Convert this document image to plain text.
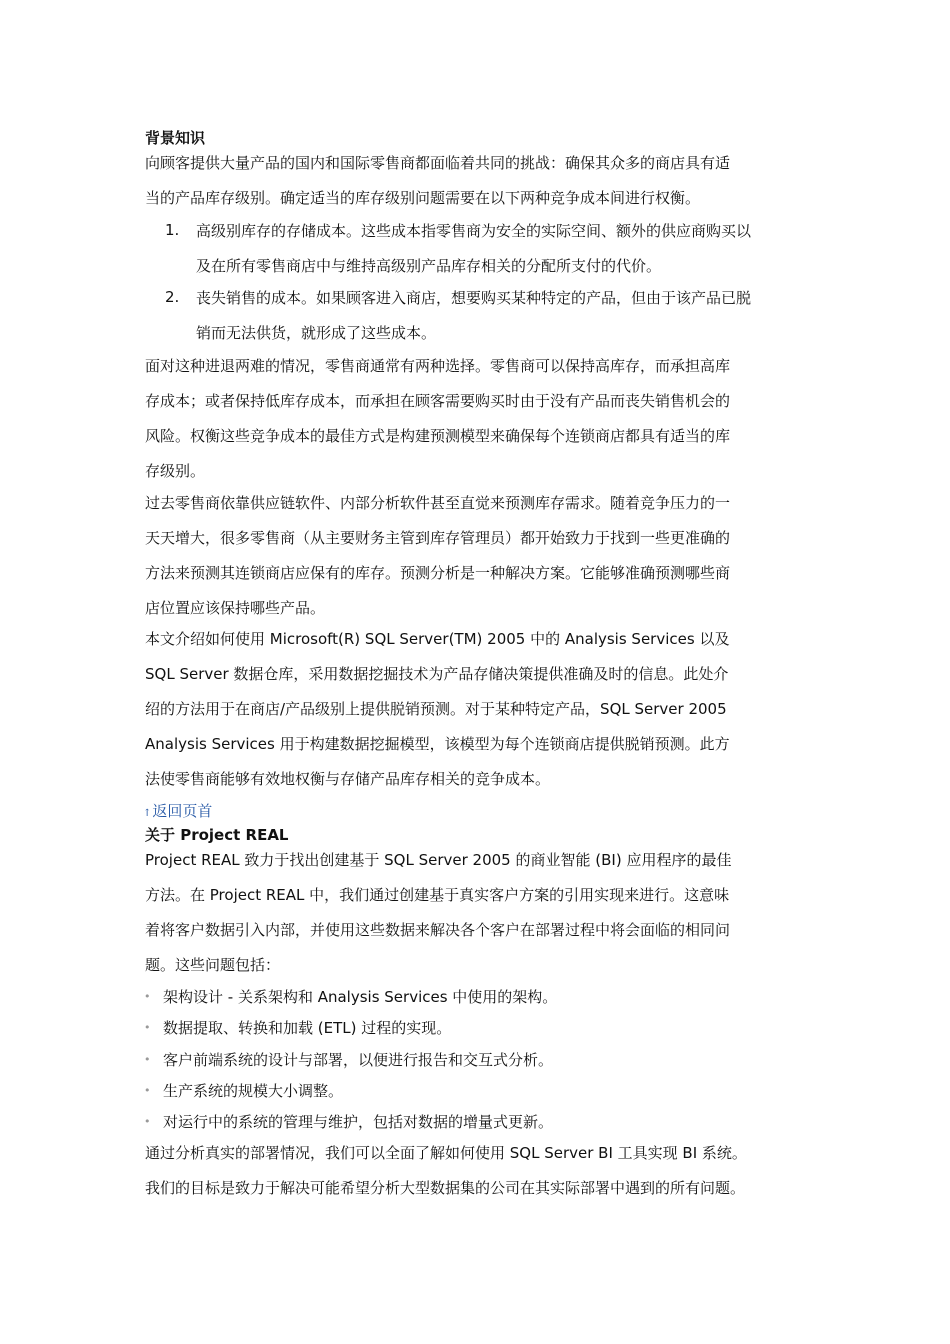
背景知识
向顾客提供大量产品的国内和国际零售商都面临着共同的挑战：确保其众多的商店具有适
当的产品库存级别。确定适当的库存级别问题需要在以下两种竞争成本间进行权衡。
1. 高级别库存的存储成本。这些成本指零售商为安全的实际空间、额外的供应商购买以
及在所有零售商店中与维持高级别产品库存相关的分配所支付的代价。
2. 丧失销售的成本。如果顾客进入商店，想要购买某种特定的产品，但由于该产品已脱
销而无法供货，就形成了这些成本。
面对这种进退两难的情况，零售商通常有两种选择。零售商可以保持高库存，而承担高库
存成本；或者保持低库存成本，而承担在顾客需要购买时由于没有产品而丧失销售机会的
风险。权衡这些竞争成本的最佳方式是构建预测模型来确保每个连锁商店都具有适当的库
存级别。
过去零售商依靠供应链软件、内部分析软件甚至直觉来预测库存需求。随着竞争压力的一
天天增大，很多零售商（从主要财务主管到库存管理员）都开始致力于找到一些更准确的
方法来预测其连锁商店应保有的库存。预测分析是一种解决方案。它能够准确预测哪些商
店位置应该保持哪些产品。
本文介绍如何使用 Microsoft(R) SQL Server(TM) 2005 中的 Analysis Services 以及
SQL Server 数据仓库，采用数据挖掘技术为产品存储决策提供准确及时的信息。此处介
绍的方法用于在商店/产品级别上提供脱销预测。对于某种特定产品，SQL Server 2005
Analysis Services 用于构建数据挖掘模型，该模型为每个连锁商店提供脱销预测。此方
法使零售商能够有效地权衡与存储产品库存相关的竞争成本。
↑返回页首
关于 Project REAL
Project REAL 致力于找出创建基于 SQL Server 2005 的商业智能 (BI) 应用程序的最佳
方法。在 Project REAL 中，我们通过创建基于真实客户方案的引用实现来进行。这意味
着将客户数据引入内部，并使用这些数据来解决各个客户在部署过程中将会面临的相同问
题。这些问题包括：
• 架构设计 - 关系架构和 Analysis Services 中使用的架构。
• 数据提取、转换和加载 (ETL) 过程的实现。
• 客户前端系统的设计与部署，以便进行报告和交互式分析。
• 生产系统的规模大小调整。
• 对运行中的系统的管理与维护，包括对数据的增量式更新。
通过分析真实的部署情况，我们可以全面了解如何使用 SQL Server BI 工具实现 BI 系统。
我们的目标是致力于解决可能希望分析大型数据集的公司在其实际部署中遇到的所有问题。
